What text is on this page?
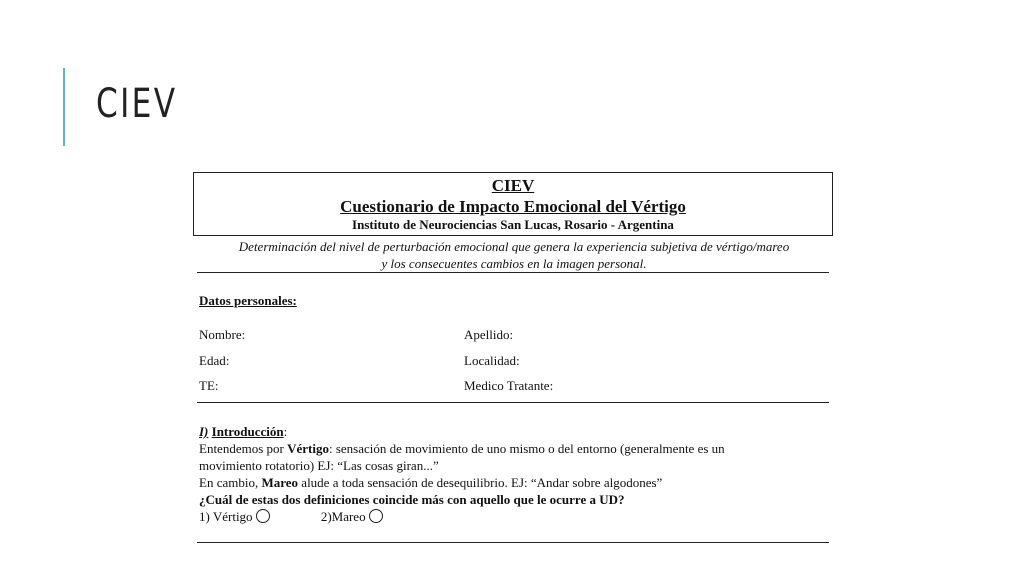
CIEV
CIEV
Cuestionario de Impacto Emocional del Vértigo
Instituto de Neurociencias San Lucas, Rosario - Argentina
Determinación del nivel de perturbación emocional que genera la experiencia subjetiva de vértigo/mareo
y los consecuentes cambios en la imagen personal.
Datos personales:
Nombre:	Apellido:
Edad:	Localidad:
TE:	Medico Tratante:
I) Introducción:
Entendemos por Vértigo: sensación de movimiento de uno mismo o del entorno (generalmente es un
movimiento rotatorio) EJ: “Las cosas giran...”
En cambio, Mareo alude a toda sensación de desequilibrio. EJ: “Andar sobre algodones”
¿Cuál de estas dos definiciones coincide más con aquello que le ocurre a UD?
1) Vértigo	2)Mareo
